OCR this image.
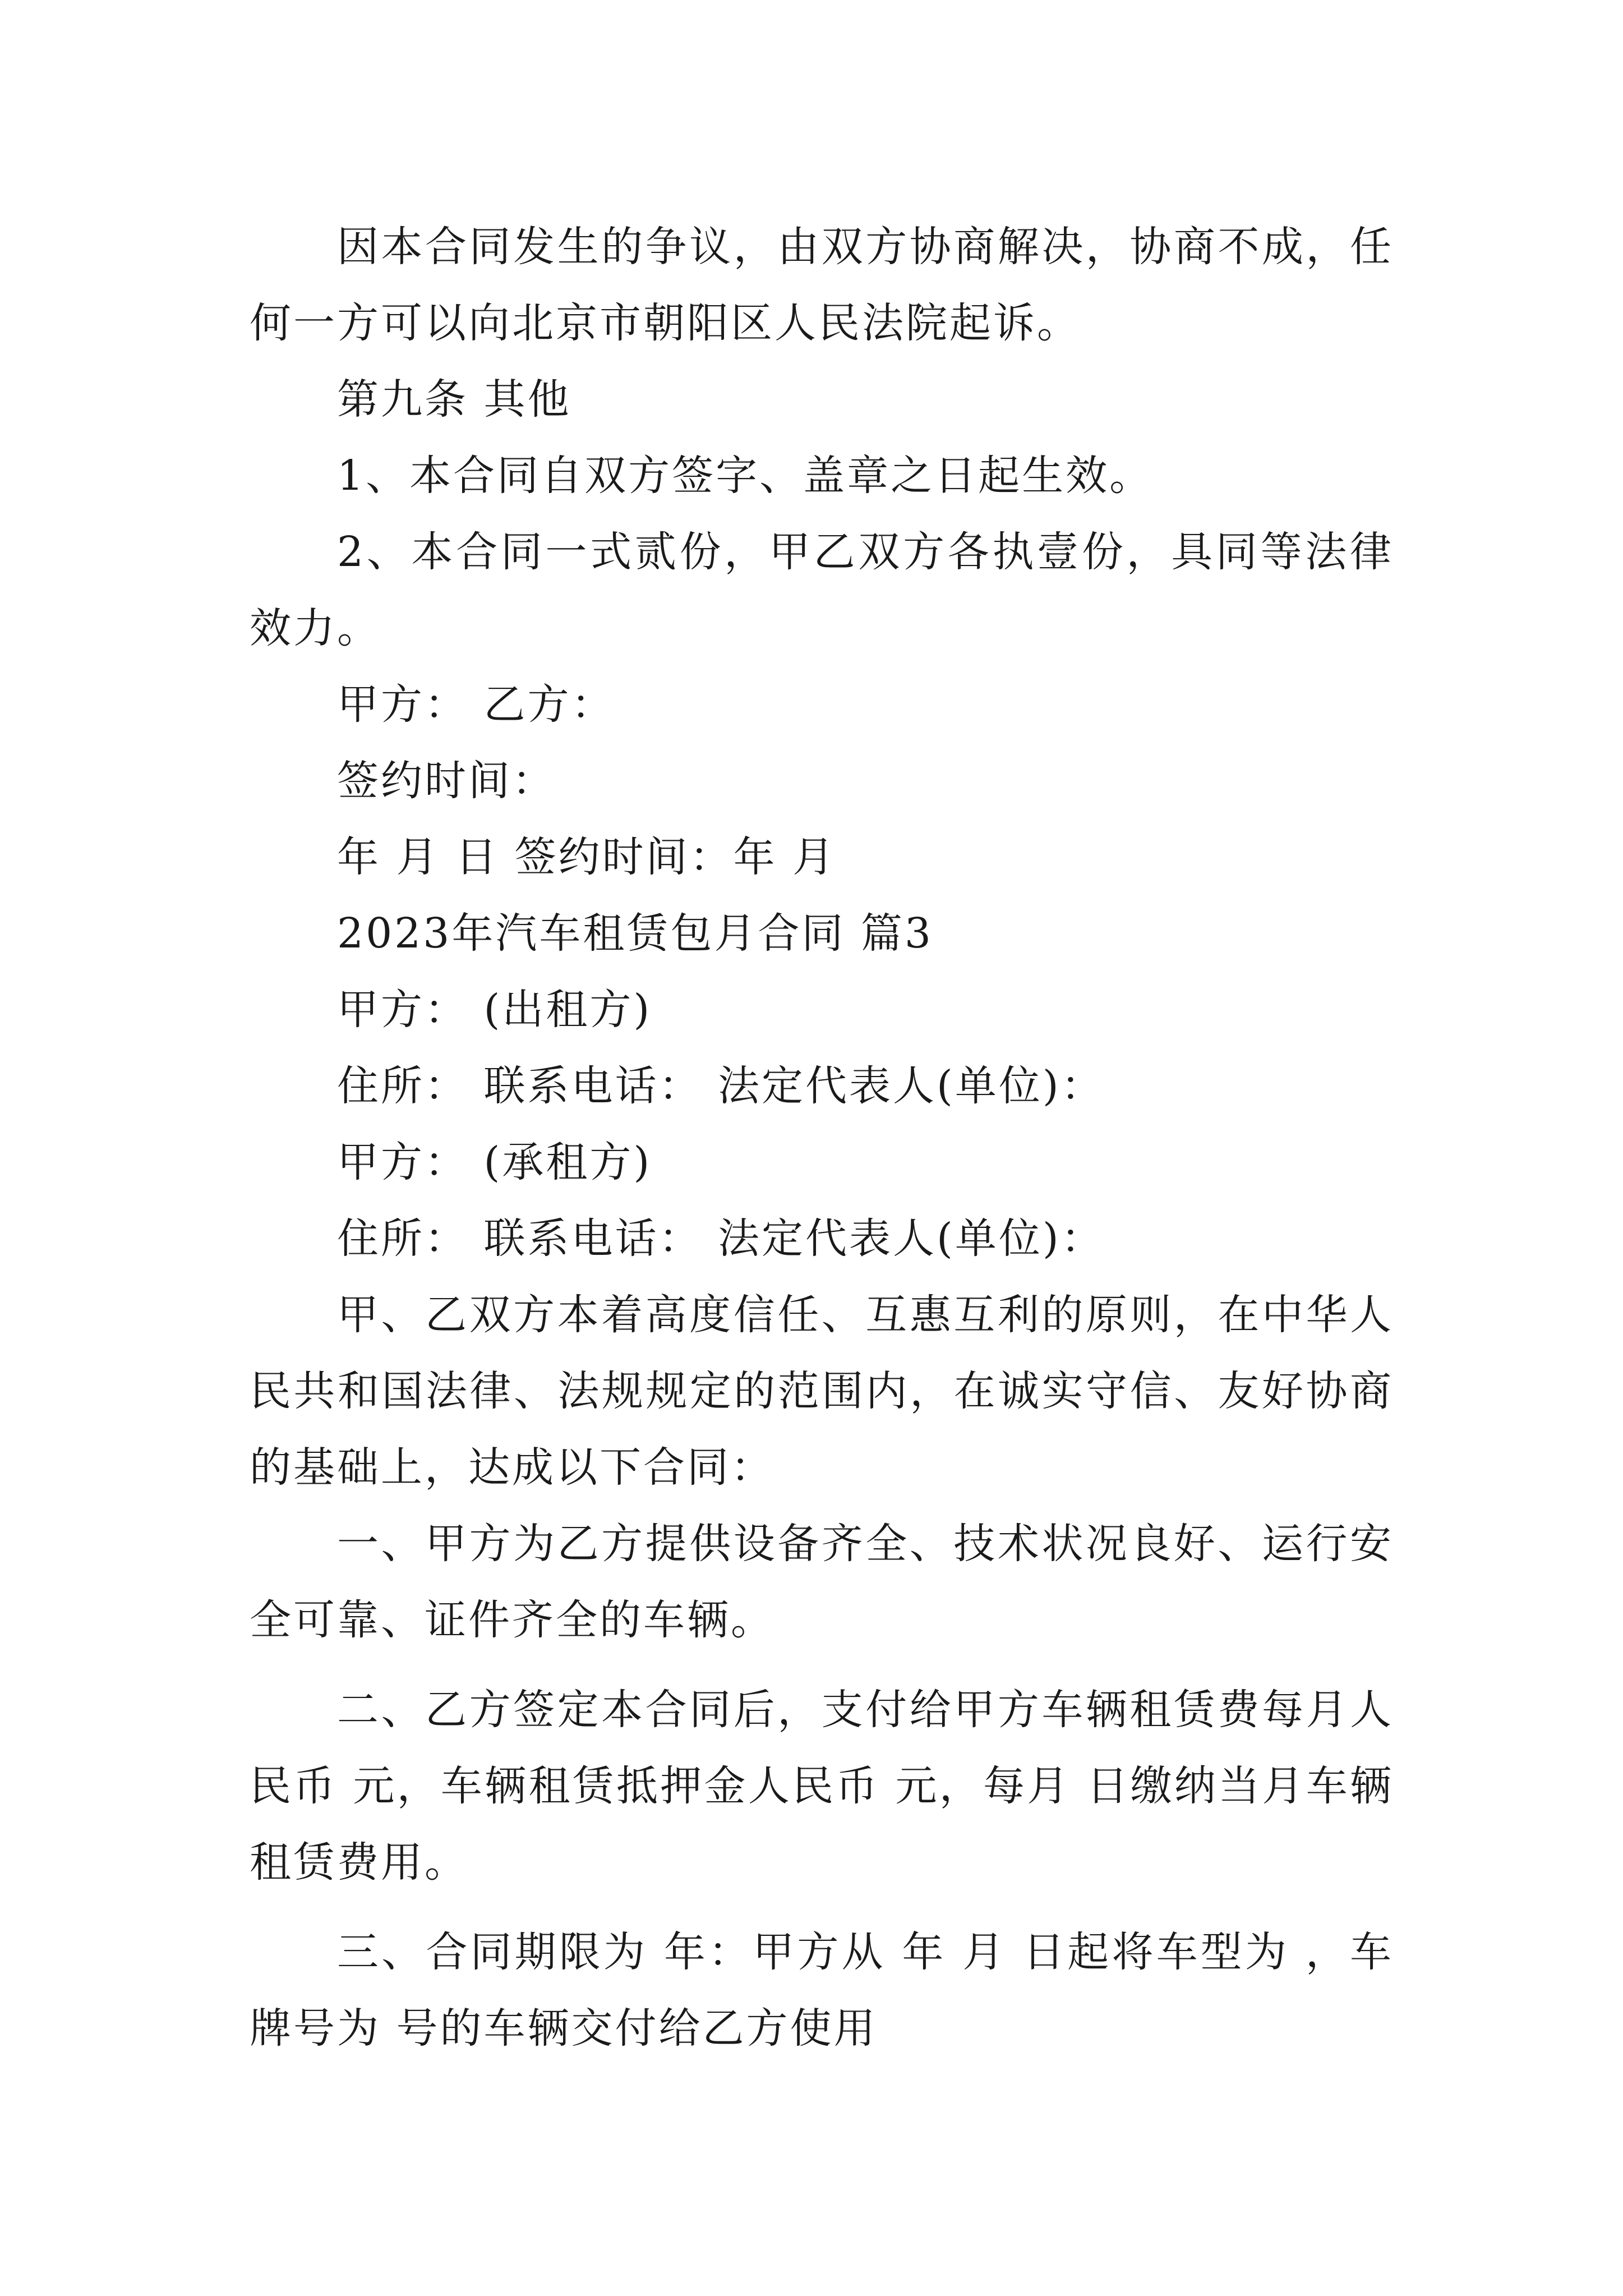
因本合同发生的争议，由双方协商解决，协商不成，任何一方可以向北京市朝阳区人民法院起诉。

第九条 其他

1、本合同自双方签字、盖章之日起生效。

2、本合同一式贰份，甲乙双方各执壹份，具同等法律效力。

甲方： 乙方：

签约时间：

年 月 日 签约时间：年 月

2023年汽车租赁包月合同 篇3

甲方： (出租方)

住所： 联系电话： 法定代表人(单位)：

甲方： (承租方)

住所： 联系电话： 法定代表人(单位)：

甲、乙双方本着高度信任、互惠互利的原则，在中华人民共和国法律、法规规定的范围内，在诚实守信、友好协商的基础上，达成以下合同：

一、甲方为乙方提供设备齐全、技术状况良好、运行安全可靠、证件齐全的车辆。

二、乙方签定本合同后，支付给甲方车辆租赁费每月人民币 元，车辆租赁抵押金人民币 元，每月 日缴纳当月车辆租赁费用。

三、合同期限为 年：甲方从 年 月 日起将车型为 ，车牌号为 号的车辆交付给乙方使用
